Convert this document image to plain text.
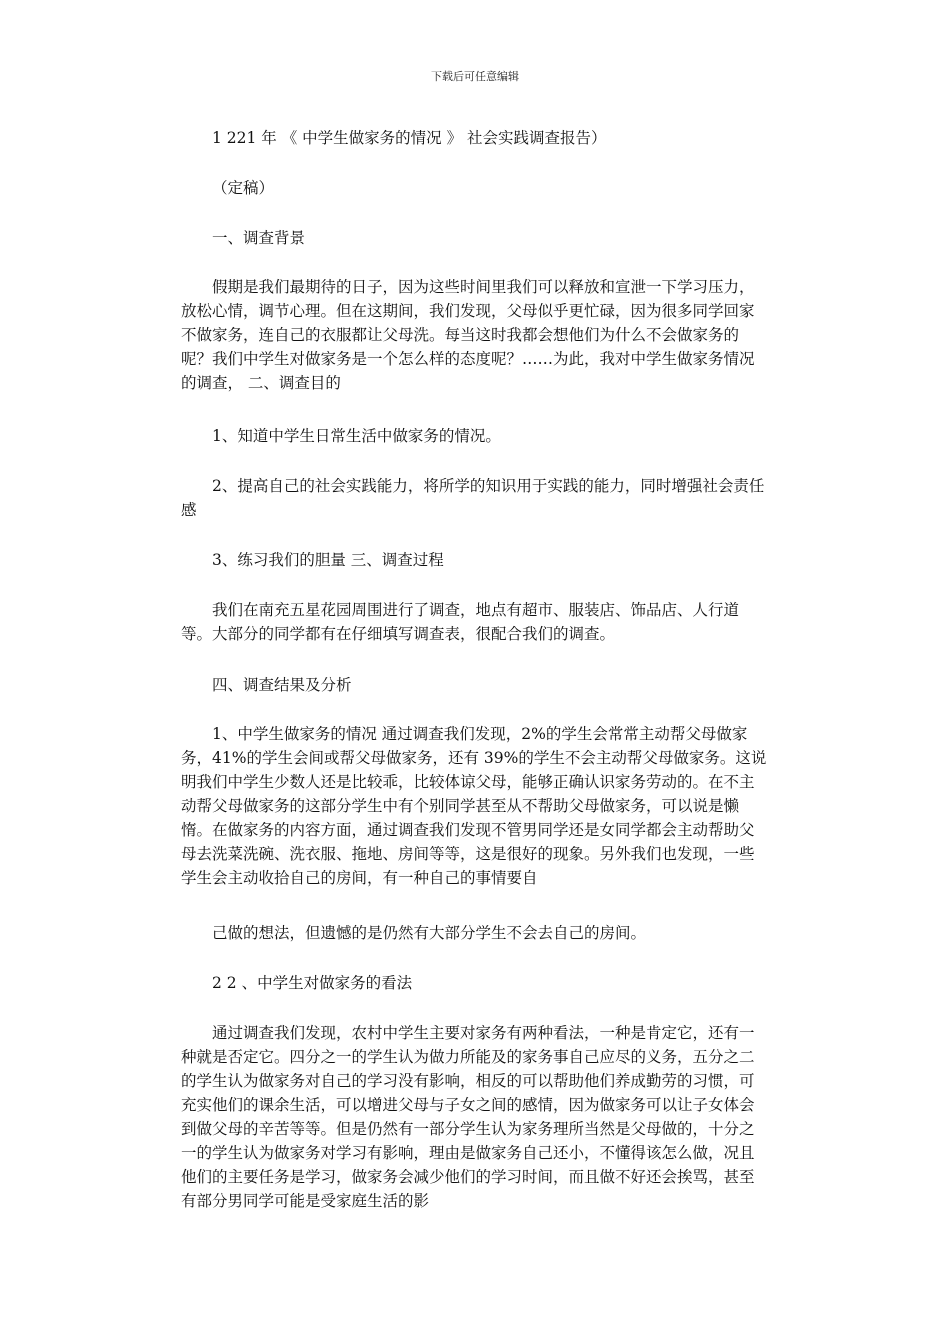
下载后可任意编辑

1 221 年 《 中学生做家务的情况 》 社会实践调查报告）

（定稿）

一、调查背景

假期是我们最期待的日子，因为这些时间里我们可以释放和宣泄一下学习压力，放松心情，调节心理。但在这期间，我们发现，父母似乎更忙碌，因为很多同学回家不做家务，连自己的衣服都让父母洗。每当这时我都会想他们为什么不会做家务的呢？我们中学生对做家务是一个怎么样的态度呢？……为此，我对中学生做家务情况的调查， 二、调查目的

1、知道中学生日常生活中做家务的情况。

2、提高自己的社会实践能力，将所学的知识用于实践的能力，同时增强社会责任感

3、练习我们的胆量 三、调查过程

我们在南充五星花园周围进行了调查，地点有超市、服装店、饰品店、人行道等。大部分的同学都有在仔细填写调查表，很配合我们的调查。

四、调查结果及分析

1、中学生做家务的情况 通过调查我们发现，2%的学生会常常主动帮父母做家务，41%的学生会间或帮父母做家务，还有 39%的学生不会主动帮父母做家务。这说明我们中学生少数人还是比较乖，比较体谅父母，能够正确认识家务劳动的。在不主动帮父母做家务的这部分学生中有个别同学甚至从不帮助父母做家务，可以说是懒惰。在做家务的内容方面，通过调查我们发现不管男同学还是女同学都会主动帮助父母去洗菜洗碗、洗衣服、拖地、房间等等，这是很好的现象。另外我们也发现，一些学生会主动收拾自己的房间，有一种自己的事情要自

己做的想法，但遗憾的是仍然有大部分学生不会去自己的房间。

2 2 、中学生对做家务的看法

通过调查我们发现，农村中学生主要对家务有两种看法，一种是肯定它，还有一种就是否定它。四分之一的学生认为做力所能及的家务事自己应尽的义务，五分之二的学生认为做家务对自己的学习没有影响，相反的可以帮助他们养成勤劳的习惯，可充实他们的课余生活，可以增进父母与子女之间的感情，因为做家务可以让子女体会到做父母的辛苦等等。但是仍然有一部分学生认为家务理所当然是父母做的，十分之一的学生认为做家务对学习有影响，理由是做家务自己还小，不懂得该怎么做，况且他们的主要任务是学习，做家务会减少他们的学习时间，而且做不好还会挨骂，甚至有部分男同学可能是受家庭生活的影
